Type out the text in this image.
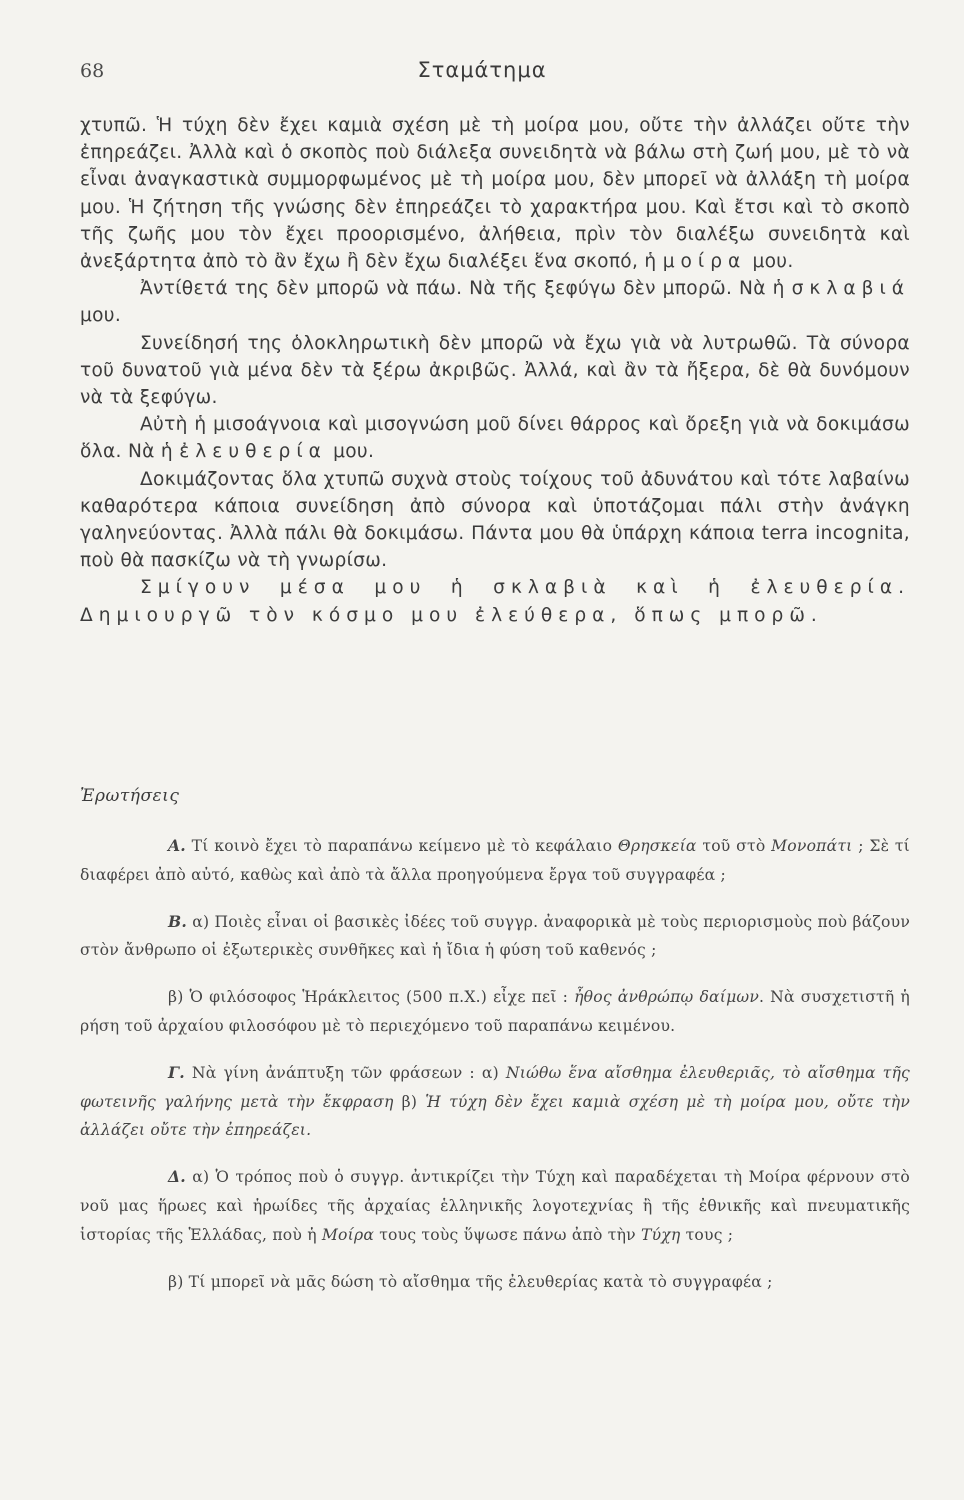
68	Σταμάτημα

χτυπῶ. Ἡ τύχη δὲν ἔχει καμιὰ σχέση μὲ τὴ μοίρα μου, οὔτε τὴν ἀλλάζει οὔτε τὴν ἐπηρεάζει. Ἀλλὰ καὶ ὁ σκοπὸς ποὺ διάλεξα συνειδητὰ νὰ βάλω στὴ ζωή μου, μὲ τὸ νὰ εἶναι ἀναγκαστικὰ συμμορφωμένος μὲ τὴ μοίρα μου, δὲν μπορεῖ νὰ ἀλλάξη τὴ μοίρα μου. Ἡ ζήτηση τῆς γνώσης δὲν ἐπηρεάζει τὸ χαρακτήρα μου. Καὶ ἔτσι καὶ τὸ σκοπὸ τῆς ζωῆς μου τὸν ἔχει προορισμένο, ἀλήθεια, πρὶν τὸν διαλέξω συνειδητὰ καὶ ἀνεξάρτητα ἀπὸ τὸ ἂν ἔχω ἢ δὲν ἔχω διαλέξει ἕνα σκοπό, ἡ μοίρα μου.

Ἀντίθετά της δὲν μπορῶ νὰ πάω. Νὰ τῆς ξεφύγω δὲν μπορῶ. Νὰ ἡ σκλαβιά μου.

Συνείδησή της ὁλοκληρωτικὴ δὲν μπορῶ νὰ ἔχω γιὰ νὰ λυτρωθῶ. Τὰ σύνορα τοῦ δυνατοῦ γιὰ μένα δὲν τὰ ξέρω ἀκριβῶς. Ἀλλά, καὶ ἂν τὰ ἤξερα, δὲ θὰ δυνόμουν νὰ τὰ ξεφύγω.

Αὐτὴ ἡ μισοάγνοια καὶ μισογνώση μοῦ δίνει θάρρος καὶ ὄρεξη γιὰ νὰ δοκιμάσω ὅλα. Νὰ ἡ ἐλευθερία μου.

Δοκιμάζοντας ὅλα χτυπῶ συχνὰ στοὺς τοίχους τοῦ ἀδυνάτου καὶ τότε λαβαίνω καθαρότερα κάποια συνείδηση ἀπὸ σύνορα καὶ ὑποτάζομαι πάλι στὴν ἀνάγκη γαληνεύοντας. Ἀλλὰ πάλι θὰ δοκιμάσω. Πάντα μου θὰ ὑπάρχη κάποια terra incognita, ποὺ θὰ πασκίζω νὰ τὴ γνωρίσω.

Σμίγουν μέσα μου ἡ σκλαβιὰ καὶ ἡ ἐλευθερία. Δημιουργῶ τὸν κόσμο μου ἐλεύθερα, ὅπως μπορῶ.

Ἐρωτήσεις

Α. Τί κοινὸ ἔχει τὸ παραπάνω κείμενο μὲ τὸ κεφάλαιο Θρησκεία τοῦ στὸ Μονοπάτι ; Σὲ τί διαφέρει ἀπὸ αὐτό, καθὼς καὶ ἀπὸ τὰ ἄλλα προηγούμενα ἔργα τοῦ συγγραφέα ;

Β. α) Ποιὲς εἶναι οἱ βασικὲς ἰδέες τοῦ συγγρ. ἀναφορικὰ μὲ τοὺς περιορισμοὺς ποὺ βάζουν στὸν ἄνθρωπο οἱ ἐξωτερικὲς συνθῆκες καὶ ἡ ἴδια ἡ φύση τοῦ καθενός ;

β) Ὁ φιλόσοφος Ἡράκλειτος (500 π.Χ.) εἶχε πεῖ : ἦθος ἀνθρώπῳ δαίμων. Νὰ συσχετιστῆ ἡ ρήση τοῦ ἀρχαίου φιλοσόφου μὲ τὸ περιεχόμενο τοῦ παραπάνω κειμένου.

Γ. Νὰ γίνη ἀνάπτυξη τῶν φράσεων : α) Νιώθω ἕνα αἴσθημα ἐλευθεριᾶς, τὸ αἴσθημα τῆς φωτεινῆς γαλήνης μετὰ τὴν ἔκφραση β) Ἡ τύχη δὲν ἔχει καμιὰ σχέση μὲ τὴ μοίρα μου, οὔτε τὴν ἀλλάζει οὔτε τὴν ἐπηρεάζει.

Δ. α) Ὁ τρόπος ποὺ ὁ συγγρ. ἀντικρίζει τὴν Τύχη καὶ παραδέχεται τὴ Μοίρα φέρνουν στὸ νοῦ μας ἥρωες καὶ ἡρωίδες τῆς ἀρχαίας ἑλληνικῆς λογοτεχνίας ἢ τῆς ἐθνικῆς καὶ πνευματικῆς ἱστορίας τῆς Ἑλλάδας, ποὺ ἡ Μοίρα τους τοὺς ὕψωσε πάνω ἀπὸ τὴν Τύχη τους ;

β) Τί μπορεῖ νὰ μᾶς δώση τὸ αἴσθημα τῆς ἐλευθερίας κατὰ τὸ συγγραφέα ;
